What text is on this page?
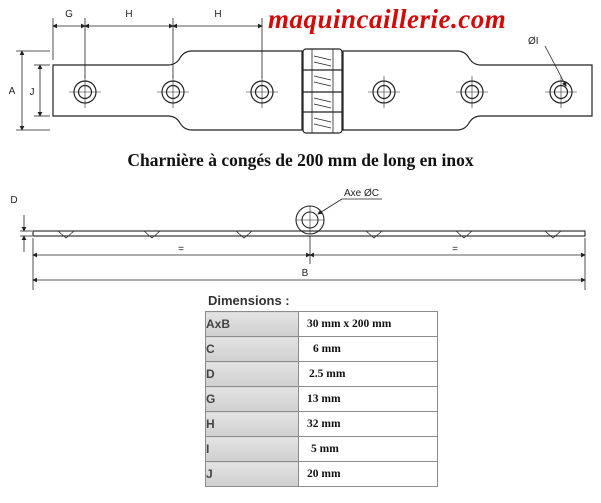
G	H	H
A J
ØI
D
Axe ØC
=	=
B
maquincaillerie.com
Charnière à congés de 200 mm de long en inox
Dimensions :
AxB	30 mm x 200 mm
C	6 mm
D	2.5 mm
G	13 mm
H	32 mm
I	5 mm
J	20 mm
